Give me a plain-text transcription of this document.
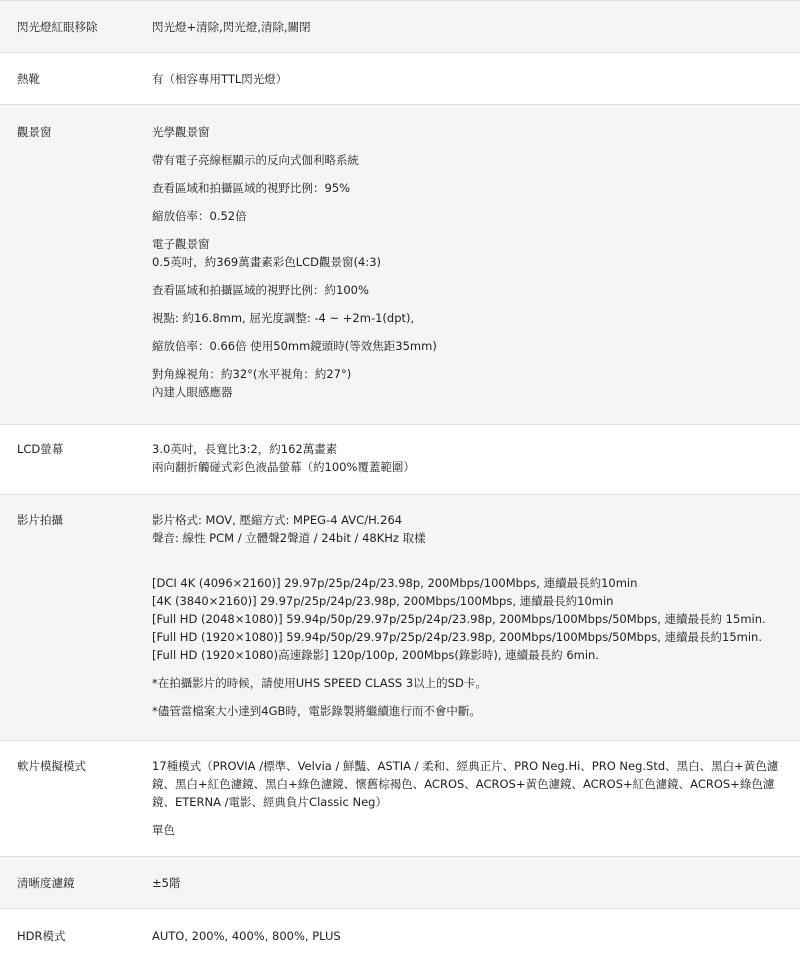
閃光燈紅眼移除	閃光燈+清除,閃光燈,清除,關閉
熱靴	有（相容專用TTL閃光燈）
觀景窗	光學觀景窗
帶有電子亮線框顯示的反向式伽利略系統
查看區域和拍攝區域的視野比例：95%
縮放倍率：0.52倍
電子觀景窗
0.5英吋，約369萬畫素彩色LCD觀景窗(4:3)
查看區域和拍攝區域的視野比例：約100%
視點: 約16.8mm, 屈光度調整: -4 ~ +2m-1(dpt),
縮放倍率：0.66倍 使用50mm鏡頭時(等效焦距35mm)
對角線視角：約32°(水平視角：約27°)
內建人眼感應器
LCD螢幕	3.0英吋，長寬比3:2，約162萬畫素
兩向翻折觸碰式彩色液晶螢幕（約100%覆蓋範圍）
影片拍攝	影片格式: MOV, 壓縮方式: MPEG-4 AVC/H.264
聲音: 線性 PCM / 立體聲2聲道 / 24bit / 48KHz 取樣
[DCI 4K (4096×2160)] 29.97p/25p/24p/23.98p, 200Mbps/100Mbps, 連續最長約10min
[4K (3840×2160)] 29.97p/25p/24p/23.98p, 200Mbps/100Mbps, 連續最長約10min
[Full HD (2048×1080)] 59.94p/50p/29.97p/25p/24p/23.98p, 200Mbps/100Mbps/50Mbps, 連續最長約 15min.
[Full HD (1920×1080)] 59.94p/50p/29.97p/25p/24p/23.98p, 200Mbps/100Mbps/50Mbps, 連續最長約15min.
[Full HD (1920×1080)高速錄影] 120p/100p, 200Mbps(錄影時), 連續最長約 6min.
*在拍攝影片的時候，請使用UHS SPEED CLASS 3以上的SD卡。
*儘管當檔案大小達到4GB時，電影錄製將繼續進行而不會中斷。
軟片模擬模式	17種模式（PROVIA /標準、Velvia / 鮮豔、ASTIA / 柔和、經典正片、PRO Neg.Hi、PRO Neg.Std、黑白、黑白+黃色濾鏡、黑白+紅色濾鏡、黑白+綠色濾鏡、懷舊棕褐色、ACROS、ACROS+黃色濾鏡、ACROS+紅色濾鏡、ACROS+綠色濾鏡、ETERNA /電影、經典負片Classic Neg）
單色
清晰度濾鏡	±5階
HDR模式	AUTO, 200%, 400%, 800%, PLUS
